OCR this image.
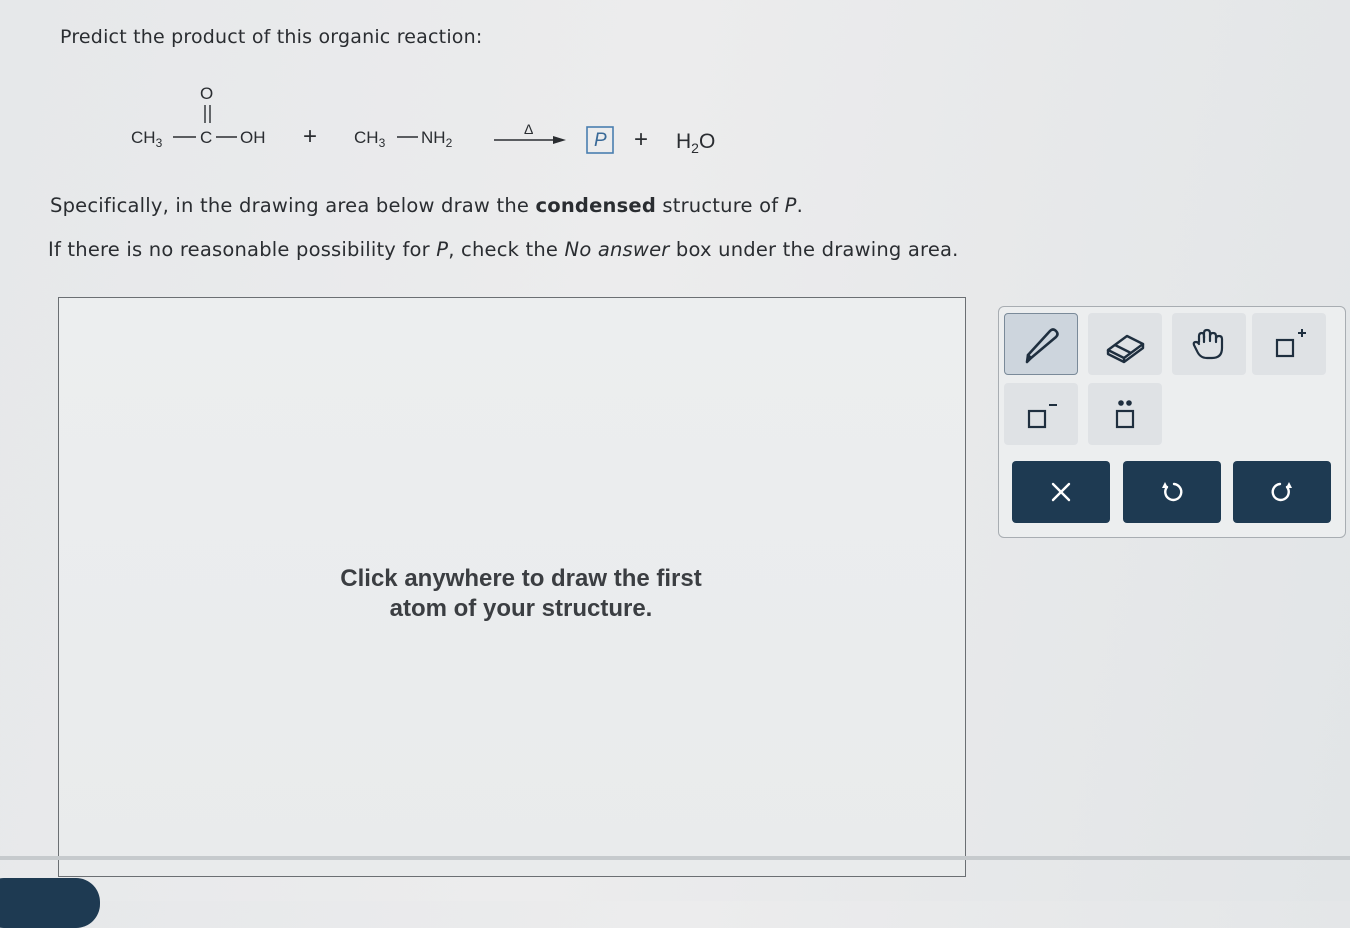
Predict the product of this organic reaction:
O
$CH_3$ C OH + $CH_3$ $NH_2$
Δ
$P + H_2O$
Specifically, in the drawing area below draw the condensed structure of P.
If there is no reasonable possibility for P, check the No answer box under the drawing area.
Click anywhere to draw the first
atom of your structure.
